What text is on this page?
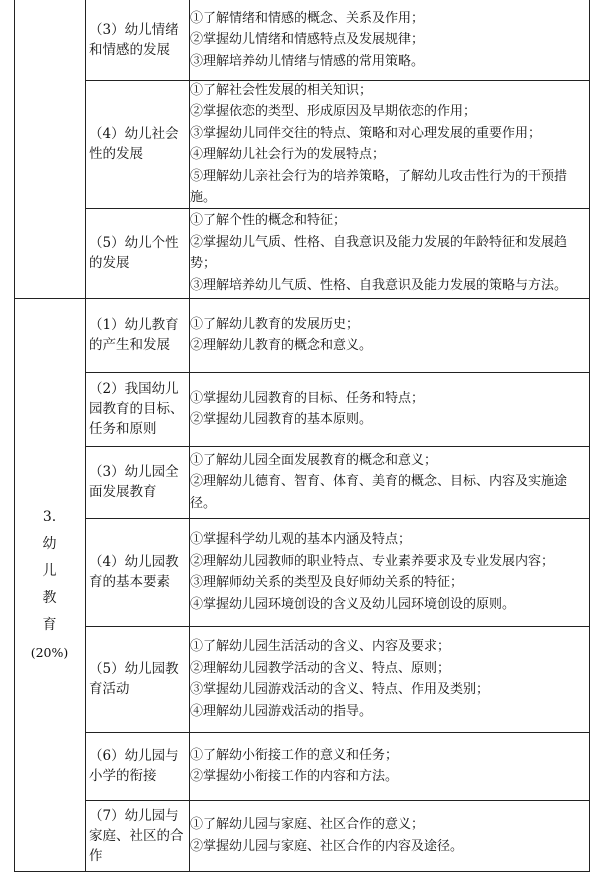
3.
幼
儿
教
育
(20%)
（3）幼儿情绪和情感的发展
①了解情绪和情感的概念、关系及作用；
②掌握幼儿情绪和情感特点及发展规律；
③理解培养幼儿情绪与情感的常用策略。
（4）幼儿社会性的发展
①了解社会性发展的相关知识；
②掌握依恋的类型、形成原因及早期依恋的作用；
③掌握幼儿同伴交往的特点、策略和对心理发展的重要作用；
④理解幼儿社会行为的发展特点；
⑤理解幼儿亲社会行为的培养策略，了解幼儿攻击性行为的干预措施。
（5）幼儿个性的发展
①了解个性的概念和特征；
②掌握幼儿气质、性格、自我意识及能力发展的年龄特征和发展趋势；
③理解培养幼儿气质、性格、自我意识及能力发展的策略与方法。
（1）幼儿教育的产生和发展
①了解幼儿教育的发展历史；
②理解幼儿教育的概念和意义。
（2）我国幼儿园教育的目标、任务和原则
①掌握幼儿园教育的目标、任务和特点；
②掌握幼儿园教育的基本原则。
（3）幼儿园全面发展教育
①了解幼儿园全面发展教育的概念和意义；
②理解幼儿德育、智育、体育、美育的概念、目标、内容及实施途径。
（4）幼儿园教育的基本要素
①掌握科学幼儿观的基本内涵及特点；
②理解幼儿园教师的职业特点、专业素养要求及专业发展内容；
③理解师幼关系的类型及良好师幼关系的特征；
④掌握幼儿园环境创设的含义及幼儿园环境创设的原则。
（5）幼儿园教育活动
①了解幼儿园生活活动的含义、内容及要求；
②理解幼儿园教学活动的含义、特点、原则；
③掌握幼儿园游戏活动的含义、特点、作用及类别；
④理解幼儿园游戏活动的指导。
（6）幼儿园与小学的衔接
①了解幼小衔接工作的意义和任务；
②掌握幼小衔接工作的内容和方法。
（7）幼儿园与家庭、社区的合作
①了解幼儿园与家庭、社区合作的意义；
②掌握幼儿园与家庭、社区合作的内容及途径。
